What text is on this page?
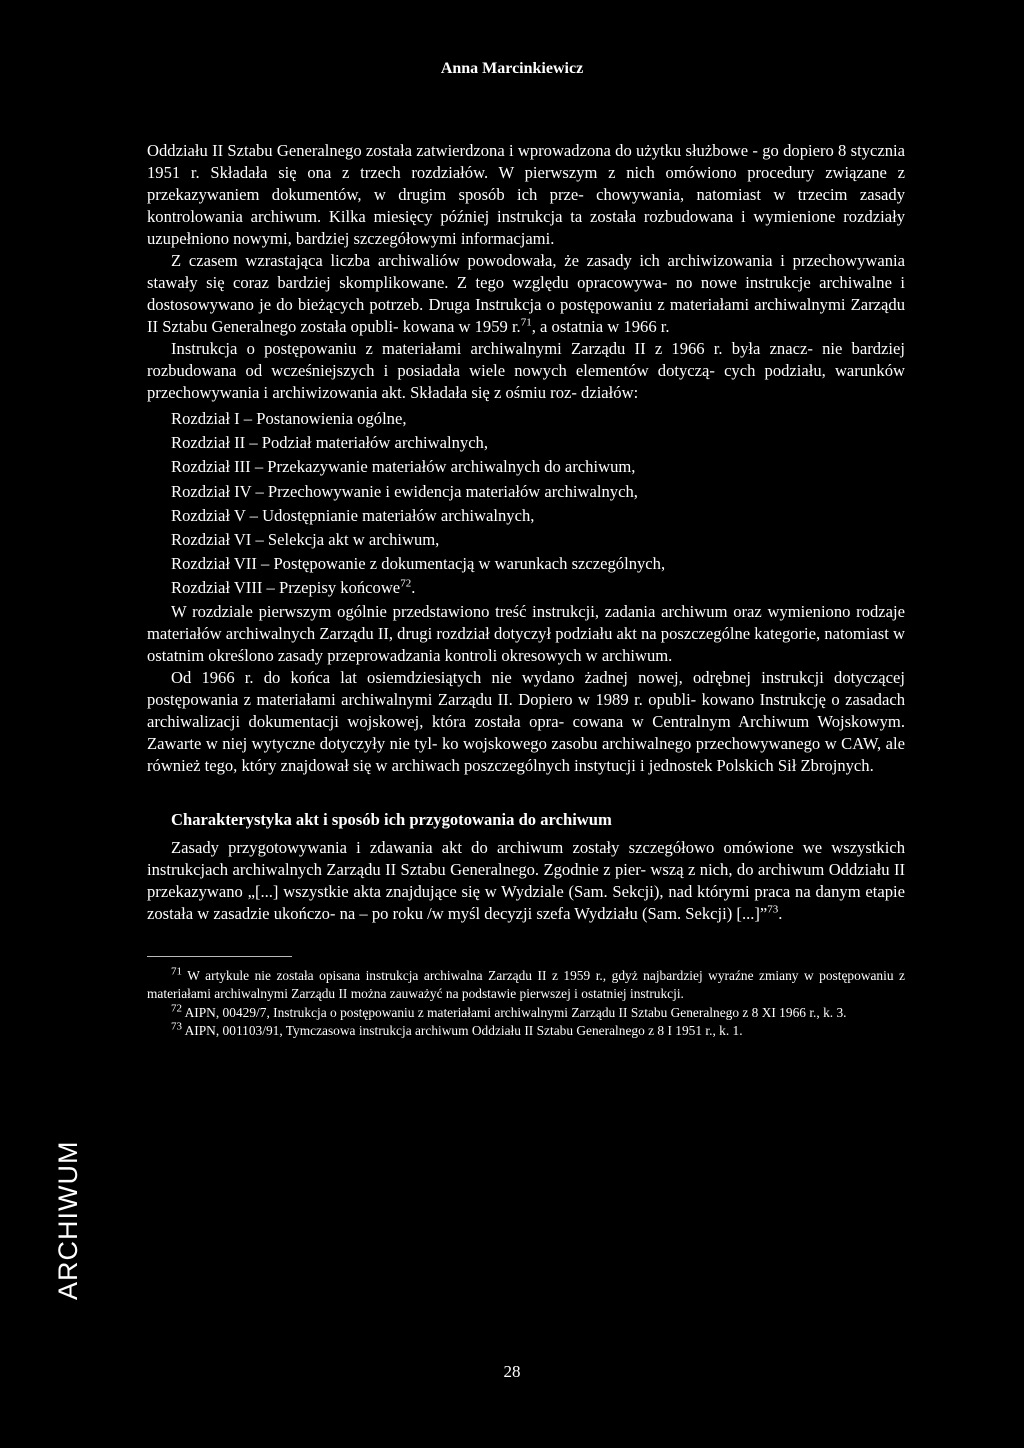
Anna Marcinkiewicz

Oddziału II Sztabu Generalnego została zatwierdzona i wprowadzona do użytku służbowe - go dopiero 8 stycznia 1951 r. Składała się ona z trzech rozdziałów. W pierwszym z nich omówiono procedury związane z przekazywaniem dokumentów, w drugim sposób ich prze- chowywania, natomiast w trzecim zasady kontrolowania archiwum. Kilka miesięcy później instrukcja ta została rozbudowana i wymienione rozdziały uzupełniono nowymi, bardziej szczegółowymi informacjami.

Z czasem wzrastająca liczba archiwaliów powodowała, że zasady ich archiwizowania i przechowywania stawały się coraz bardziej skomplikowane. Z tego względu opracowywa- no nowe instrukcje archiwalne i dostosowywano je do bieżących potrzeb. Druga Instrukcja o postępowaniu z materiałami archiwalnymi Zarządu II Sztabu Generalnego została opubli- kowana w 1959 r.$^{71}$, a ostatnia w 1966 r.

Instrukcja o postępowaniu z materiałami archiwalnymi Zarządu II z 1966 r. była znacz- nie bardziej rozbudowana od wcześniejszych i posiadała wiele nowych elementów dotyczą- cych podziału, warunków przechowywania i archiwizowania akt. Składała się z ośmiu roz- działów:

Rozdział I – Postanowienia ogólne,
Rozdział II – Podział materiałów archiwalnych,
Rozdział III – Przekazywanie materiałów archiwalnych do archiwum,
Rozdział IV – Przechowywanie i ewidencja materiałów archiwalnych,
Rozdział V – Udostępnianie materiałów archiwalnych,
Rozdział VI – Selekcja akt w archiwum,
Rozdział VII – Postępowanie z dokumentacją w warunkach szczególnych,
Rozdział VIII – Przepisy końcowe$^{72}$.

W rozdziale pierwszym ogólnie przedstawiono treść instrukcji, zadania archiwum oraz wymieniono rodzaje materiałów archiwalnych Zarządu II, drugi rozdział dotyczył podziału akt na poszczególne kategorie, natomiast w ostatnim określono zasady przeprowadzania kontroli okresowych w archiwum.

Od 1966 r. do końca lat osiemdziesiątych nie wydano żadnej nowej, odrębnej instrukcji dotyczącej postępowania z materiałami archiwalnymi Zarządu II. Dopiero w 1989 r. opubli- kowano Instrukcję o zasadach archiwalizacji dokumentacji wojskowej, która została opra- cowana w Centralnym Archiwum Wojskowym. Zawarte w niej wytyczne dotyczyły nie tyl- ko wojskowego zasobu archiwalnego przechowywanego w CAW, ale również tego, który znajdował się w archiwach poszczególnych instytucji i jednostek Polskich Sił Zbrojnych.

Charakterystyka akt i sposób ich przygotowania do archiwum

Zasady przygotowywania i zdawania akt do archiwum zostały szczegółowo omówione we wszystkich instrukcjach archiwalnych Zarządu II Sztabu Generalnego. Zgodnie z pier- wszą z nich, do archiwum Oddziału II przekazywano „[...] wszystkie akta znajdujące się w Wydziale (Sam. Sekcji), nad którymi praca na danym etapie została w zasadzie ukończo- na – po roku /w myśl decyzji szefa Wydziału (Sam. Sekcji) [...]”$^{73}$.

$^{71}$ W artykule nie została opisana instrukcja archiwalna Zarządu II z 1959 r., gdyż najbardziej wyraźne zmiany w postępowaniu z materiałami archiwalnymi Zarządu II można zauważyć na podstawie pierwszej i ostatniej instrukcji.

$^{72}$ AIPN, 00429/7, Instrukcja o postępowaniu z materiałami archiwalnymi Zarządu II Sztabu Generalnego z 8 XI 1966 r., k. 3.

$^{73}$ AIPN, 001103/91, Tymczasowa instrukcja archiwum Oddziału II Sztabu Generalnego z 8 I 1951 r., k. 1.

ARCHIWUM
28
